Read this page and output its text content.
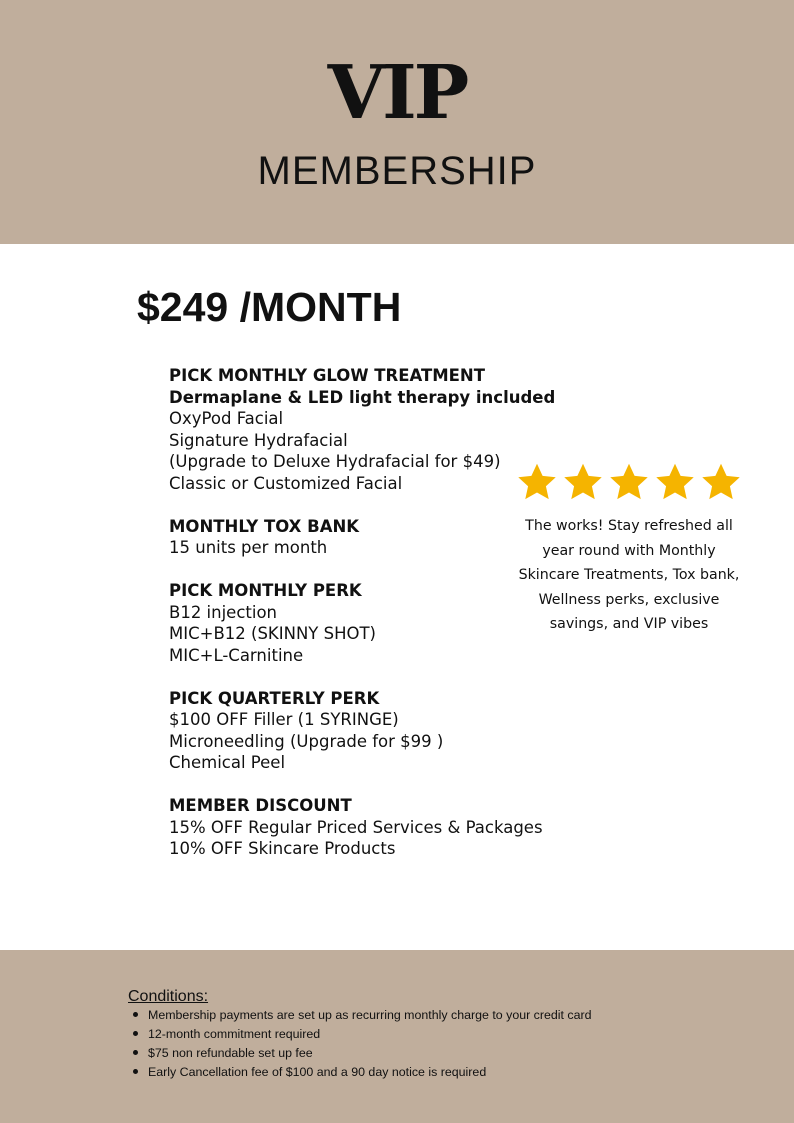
VIP
MEMBERSHIP
$249 /MONTH
PICK MONTHLY GLOW TREATMENT
Dermaplane & LED light therapy included
OxyPod Facial
Signature Hydrafacial
(Upgrade to Deluxe Hydrafacial for $49)
Classic or Customized Facial
MONTHLY TOX BANK
15 units per month
PICK MONTHLY PERK
B12 injection
MIC+B12 (SKINNY SHOT)
MIC+L-Carnitine
PICK QUARTERLY PERK
$100 OFF Filler (1 SYRINGE)
Microneedling (Upgrade for $99 )
Chemical Peel
MEMBER DISCOUNT
15% OFF Regular Priced Services & Packages
10% OFF Skincare Products
The works! Stay refreshed all year round with Monthly Skincare Treatments, Tox bank, Wellness perks, exclusive savings, and VIP vibes
Conditions:
Membership payments are set up as recurring monthly charge to your credit card
12-month commitment required
$75 non refundable set up fee
Early Cancellation fee of $100 and a 90 day notice is required
